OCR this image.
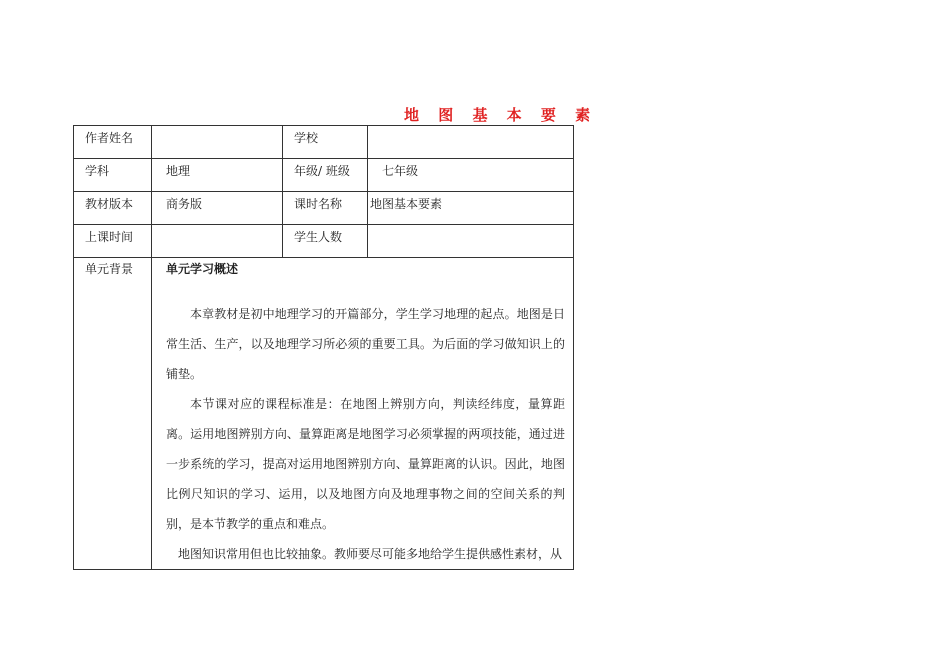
地 图 基 本 要 素
作者姓名		学校	
学科	地理	年级/ 班级	七年级
教材版本	商务版	课时名称	地图基本要素
上课时间		学生人数	
单元背景	单元学习概述

本章教材是初中地理学习的开篇部分，学生学习地理的起点。地图是日常生活、生产，以及地理学习所必须的重要工具。为后面的学习做知识上的铺垫。

本节课对应的课程标准是：在地图上辨别方向，判读经纬度，量算距离。运用地图辨别方向、量算距离是地图学习必须掌握的两项技能，通过进一步系统的学习，提高对运用地图辨别方向、量算距离的认识。因此，地图比例尺知识的学习、运用，以及地图方向及地理事物之间的空间关系的判别，是本节教学的重点和难点。

地图知识常用但也比较抽象。教师要尽可能多地给学生提供感性素材，从		
